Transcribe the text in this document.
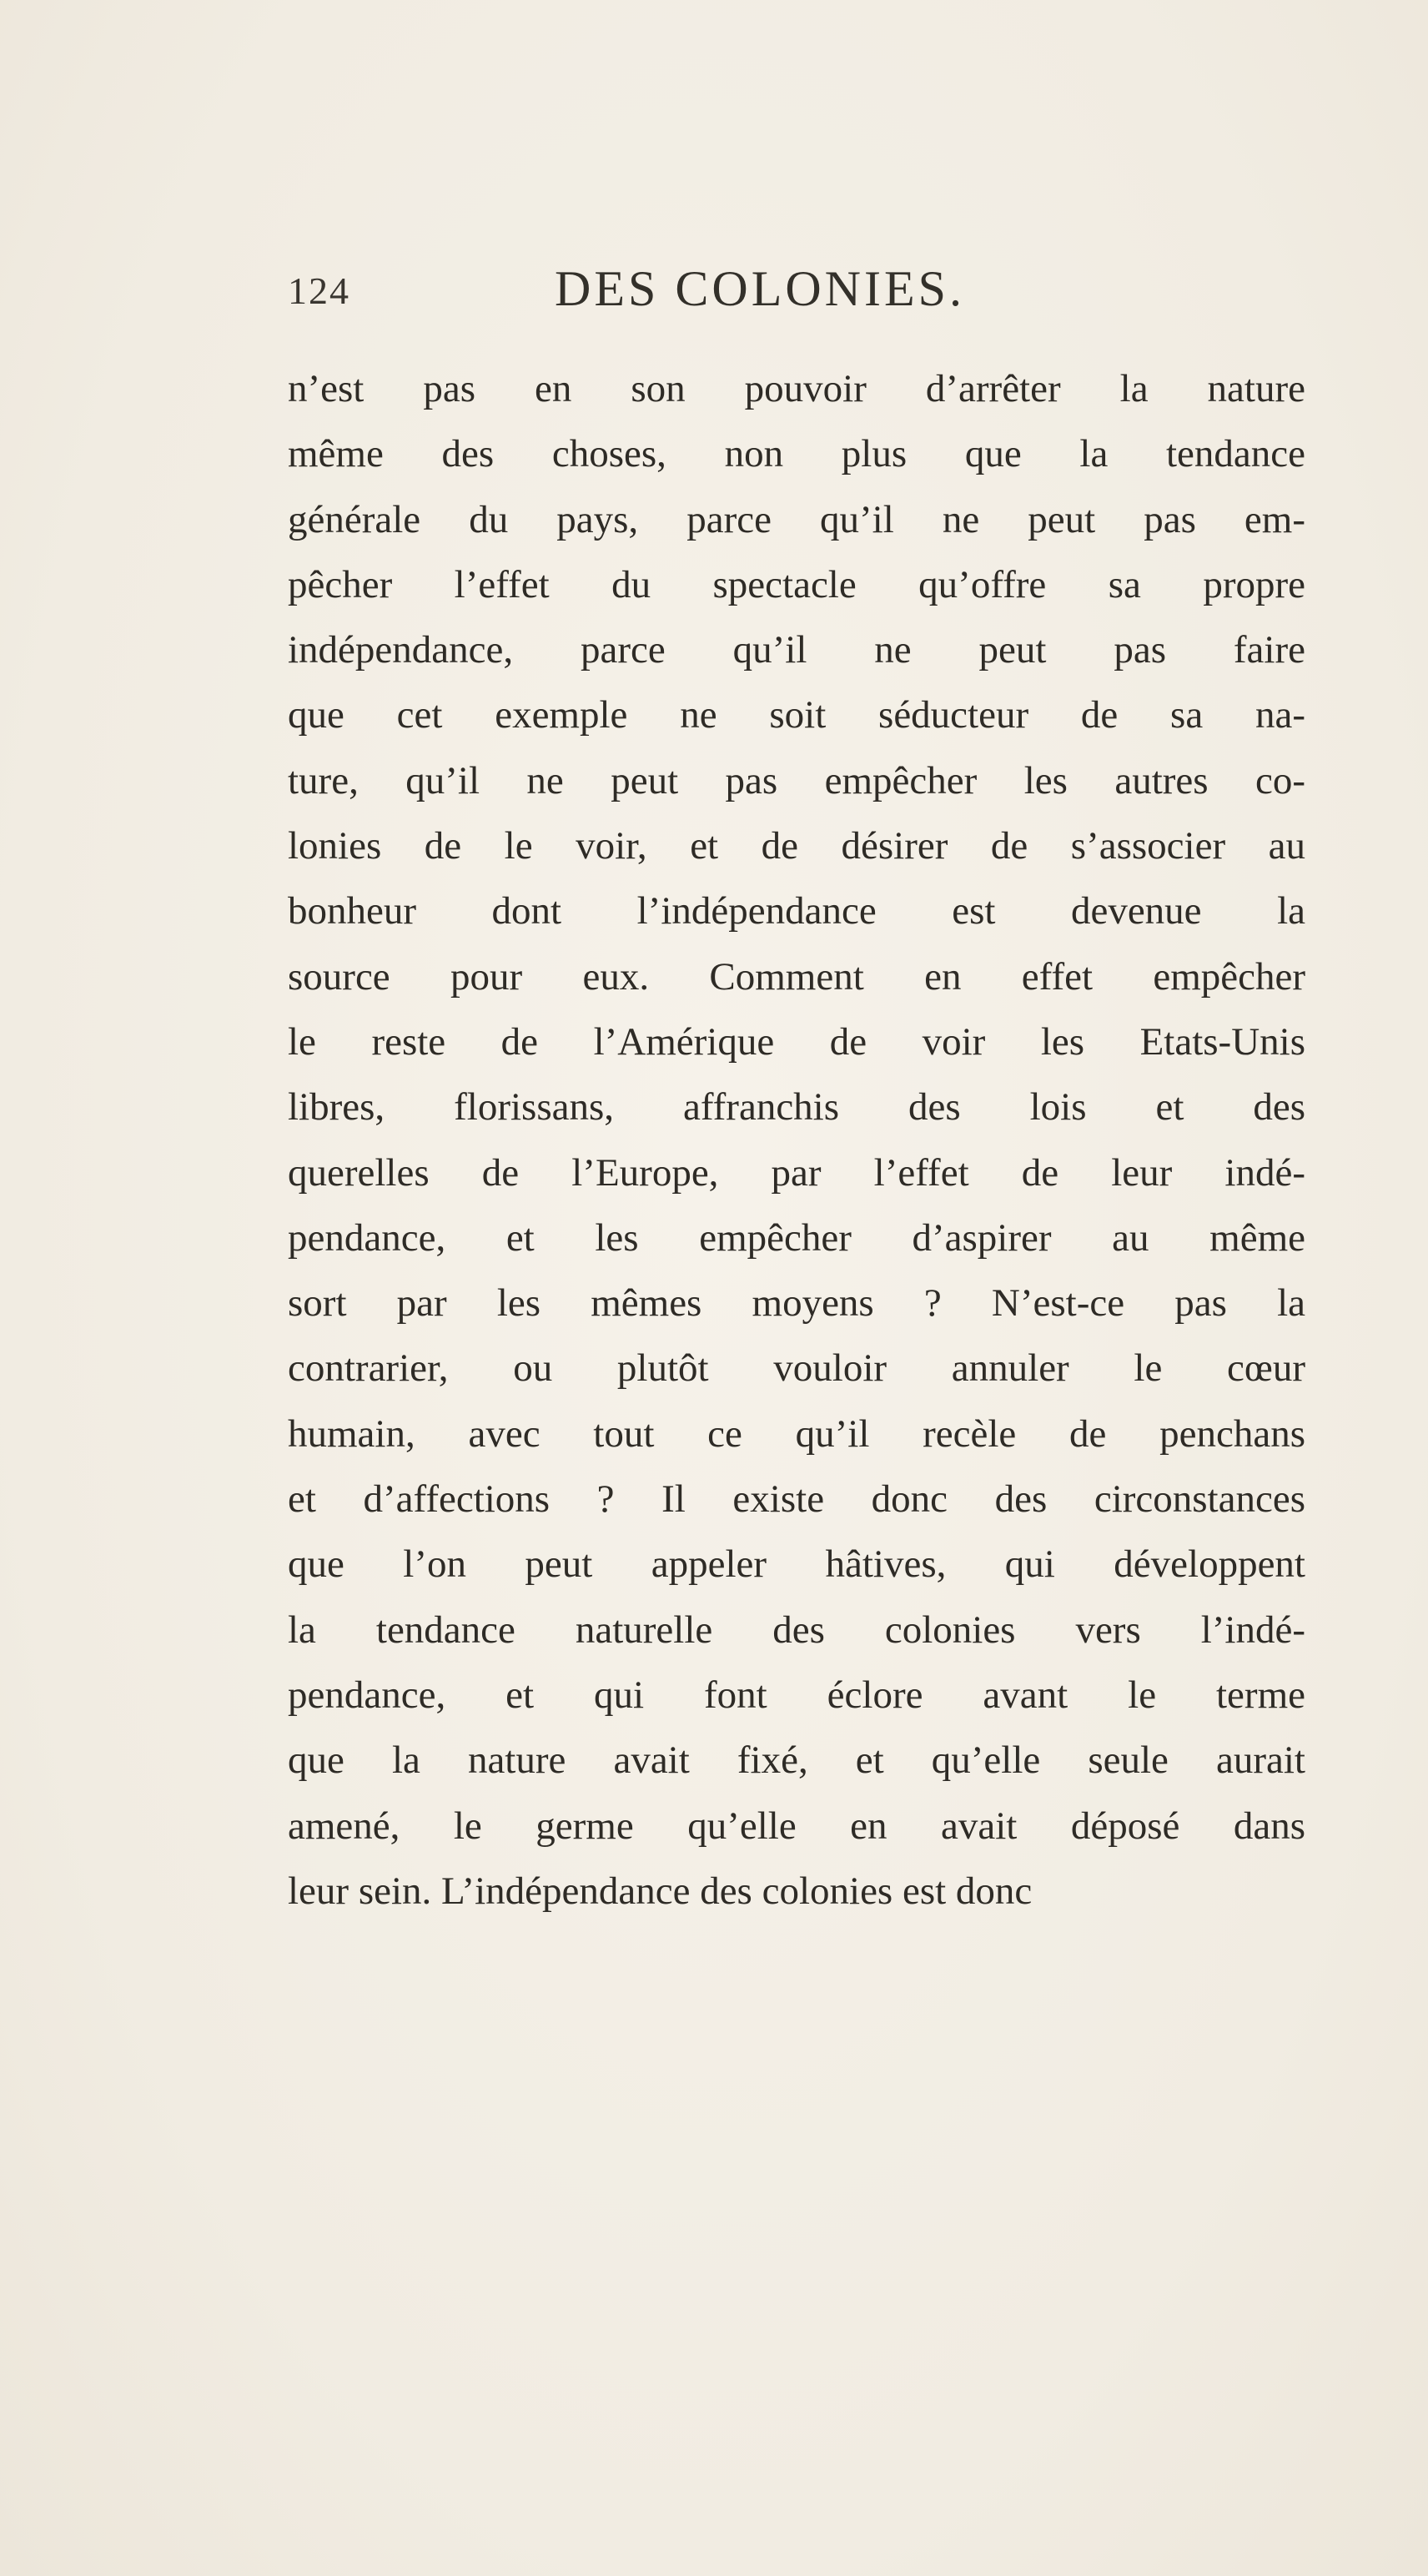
124	DES COLONIES.
n’est pas en son pouvoir d’arrêter la nature
même des choses, non plus que la tendance
générale du pays, parce qu’il ne peut pas em-
pêcher l’effet du spectacle qu’offre sa propre
indépendance, parce qu’il ne peut pas faire
que cet exemple ne soit séducteur de sa na-
ture, qu’il ne peut pas empêcher les autres co-
lonies de le voir, et de désirer de s’associer au
bonheur dont l’indépendance est devenue la
source pour eux. Comment en effet empêcher
le reste de l’Amérique de voir les Etats-Unis
libres, florissans, affranchis des lois et des
querelles de l’Europe, par l’effet de leur indé-
pendance, et les empêcher d’aspirer au même
sort par les mêmes moyens ? N’est-ce pas la
contrarier, ou plutôt vouloir annuler le cœur
humain, avec tout ce qu’il recèle de penchans
et d’affections ? Il existe donc des circonstances
que l’on peut appeler hâtives, qui développent
la tendance naturelle des colonies vers l’indé-
pendance, et qui font éclore avant le terme
que la nature avait fixé, et qu’elle seule aurait
amené, le germe qu’elle en avait déposé dans
leur sein. L’indépendance des colonies est donc
